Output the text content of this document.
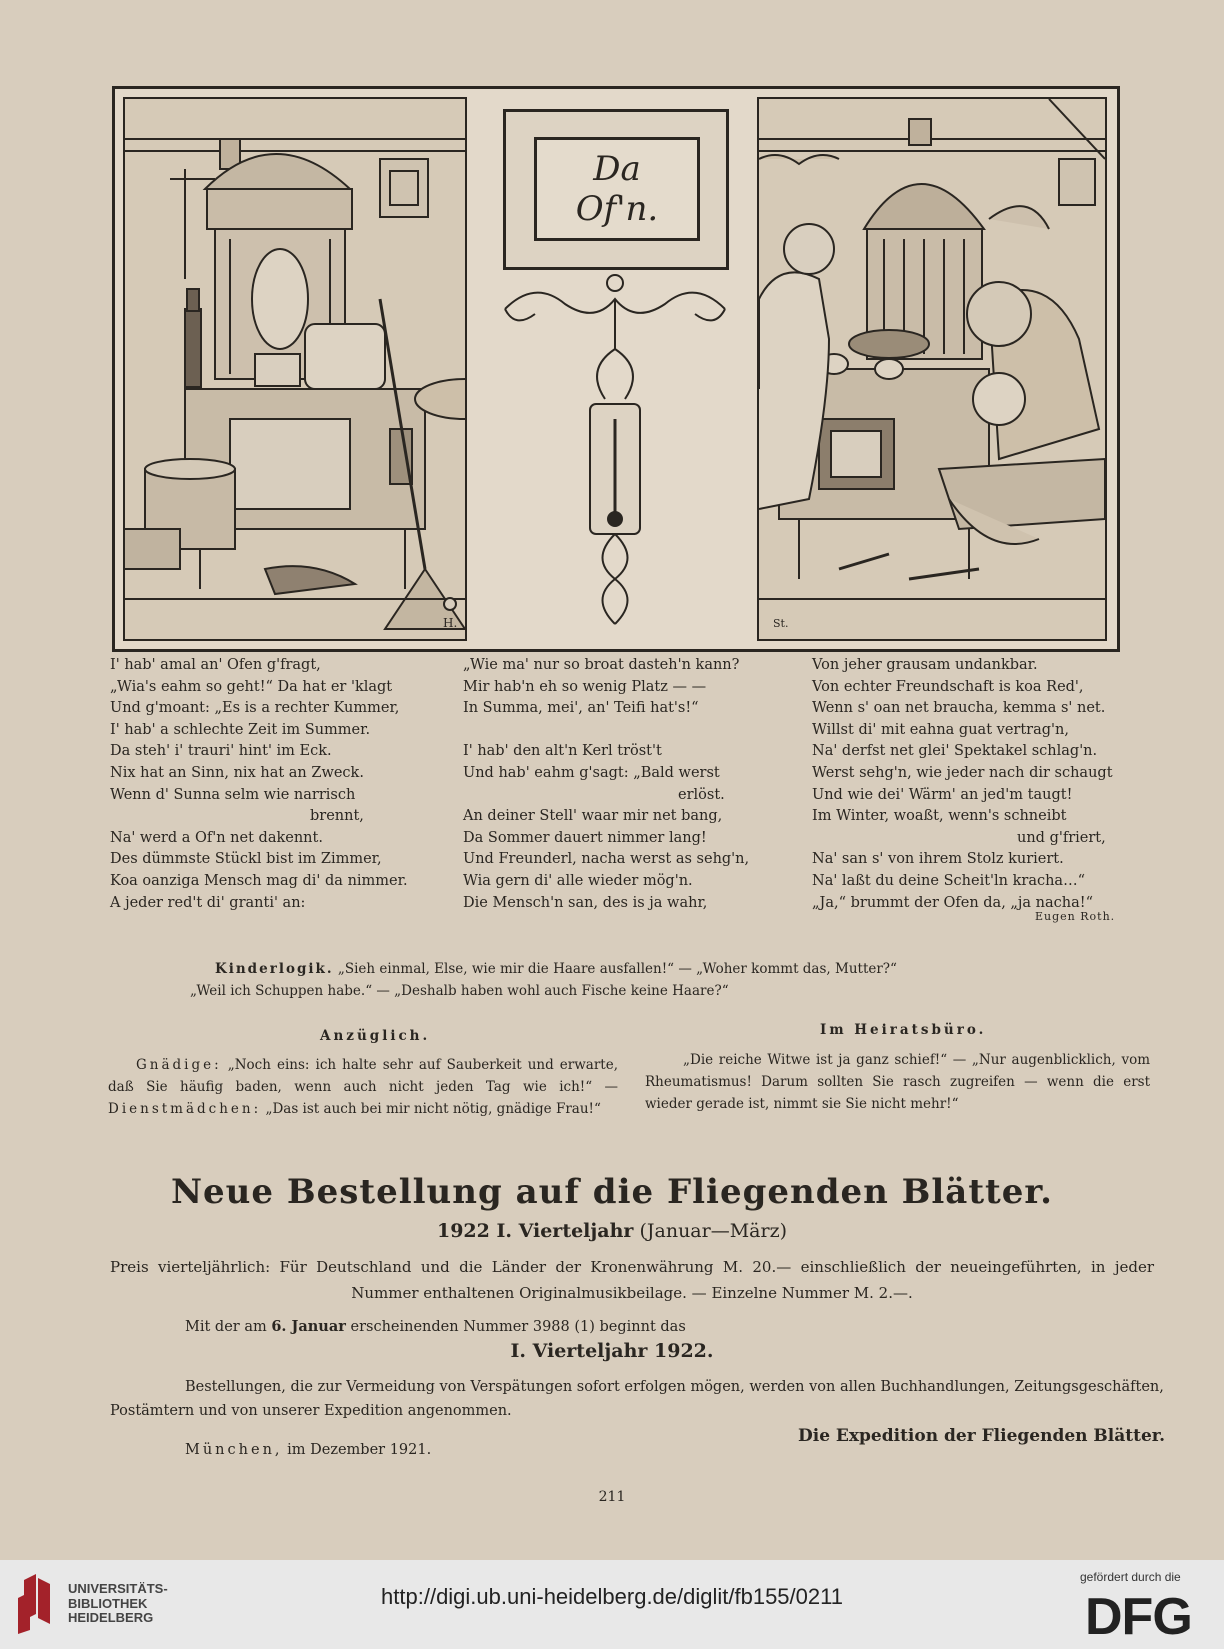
H.
Da
Of'n.
St.
I' hab' amal an' Ofen g'fragt,
„Wia's eahm so geht!“ Da hat er 'klagt
Und g'moant: „Es is a rechter Kummer,
I' hab' a schlechte Zeit im Summer.
Da steh' i' trauri' hint' im Eck.
Nix hat an Sinn, nix hat an Zweck.
Wenn d' Sunna selm wie narrisch
brennt,
Na' werd a Of'n net dakennt.
Des dümmste Stückl bist im Zimmer,
Koa oanziga Mensch mag di' da nimmer.
A jeder red't di' granti' an:
„Wie ma' nur so broat dasteh'n kann?
Mir hab'n eh so wenig Platz — —
In Summa, mei', an' Teifi hat's!“
I' hab' den alt'n Kerl tröst't
Und hab' eahm g'sagt: „Bald werst
erlöst.
An deiner Stell' waar mir net bang,
Da Sommer dauert nimmer lang!
Und Freunderl, nacha werst as sehg'n,
Wia gern di' alle wieder mög'n.
Die Mensch'n san, des is ja wahr,
Von jeher grausam undankbar.
Von echter Freundschaft is koa Red',
Wenn s' oan net braucha, kemma s' net.
Willst di' mit eahna guat vertrag'n,
Na' derfst net glei' Spektakel schlag'n.
Werst sehg'n, wie jeder nach dir schaugt
Und wie dei' Wärm' an jed'm taugt!
Im Winter, woaßt, wenn's schneibt
und g'friert,
Na' san s' von ihrem Stolz kuriert.
Na' laßt du deine Scheit'ln kracha…“
„Ja,“ brummt der Ofen da, „ja nacha!“
Eugen Roth.
Kinderlogik. „Sieh einmal, Else, wie mir die Haare ausfallen!“ — „Woher kommt das, Mutter?“
„Weil ich Schuppen habe.“ — „Deshalb haben wohl auch Fische keine Haare?“
Anzüglich.
Gnädige: „Noch eins: ich halte sehr auf Sauberkeit und erwarte, daß Sie häufig baden, wenn auch nicht jeden Tag wie ich!“ — Dienstmädchen: „Das ist auch bei mir nicht nötig, gnädige Frau!“
Im Heiratsbüro.
„Die reiche Witwe ist ja ganz schief!“ — „Nur augenblicklich, vom Rheumatismus! Darum sollten Sie rasch zugreifen — wenn die erst wieder gerade ist, nimmt sie Sie nicht mehr!“
Neue Bestellung auf die Fliegenden Blätter.
1922 I. Vierteljahr (Januar—März)
Preis vierteljährlich: Für Deutschland und die Länder der Kronenwährung M. 20.— einschließlich der neueingeführten, in jeder Nummer enthaltenen Originalmusikbeilage. — Einzelne Nummer M. 2.—.
Mit der am 6. Januar erscheinenden Nummer 3988 (1) beginnt das
I. Vierteljahr 1922.
Bestellungen, die zur Vermeidung von Verspätungen sofort erfolgen mögen, werden von allen Buchhandlungen, Zeitungsgeschäften, Postämtern und von unserer Expedition angenommen.
München, im Dezember 1921.
Die Expedition der Fliegenden Blätter.
211
UNIVERSITÄTS-
BIBLIOTHEK
HEIDELBERG
http://digi.ub.uni-heidelberg.de/diglit/fb155/0211
gefördert durch die
DFG
